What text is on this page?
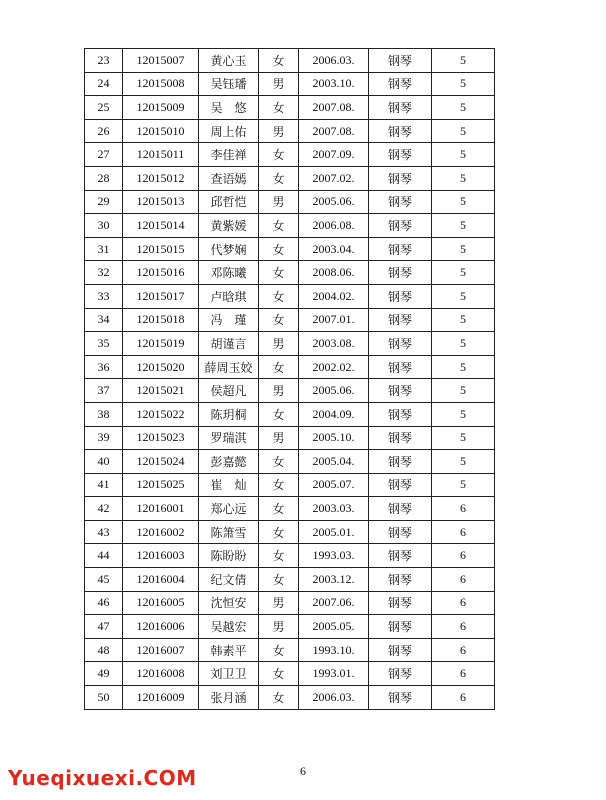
23	12015007	黄心玉	女	2006.03.	钢琴	5
24	12015008	吴钰璠	男	2003.10.	钢琴	5
25	12015009	吴　悠	女	2007.08.	钢琴	5
26	12015010	周上佑	男	2007.08.	钢琴	5
27	12015011	李佳禅	女	2007.09.	钢琴	5
28	12015012	查语嫣	女	2007.02.	钢琴	5
29	12015013	邱哲恺	男	2005.06.	钢琴	5
30	12015014	黄紫媛	女	2006.08.	钢琴	5
31	12015015	代梦娴	女	2003.04.	钢琴	5
32	12015016	邓陈曦	女	2008.06.	钢琴	5
33	12015017	卢晗琪	女	2004.02.	钢琴	5
34	12015018	冯　瑾	女	2007.01.	钢琴	5
35	12015019	胡谨言	男	2003.08.	钢琴	5
36	12015020	薛周玉姣	女	2002.02.	钢琴	5
37	12015021	侯超凡	男	2005.06.	钢琴	5
38	12015022	陈玥桐	女	2004.09.	钢琴	5
39	12015023	罗瑞淇	男	2005.10.	钢琴	5
40	12015024	彭嘉懿	女	2005.04.	钢琴	5
41	12015025	崔　灿	女	2005.07.	钢琴	5
42	12016001	郑心远	女	2003.03.	钢琴	6
43	12016002	陈箫雪	女	2005.01.	钢琴	6
44	12016003	陈盼盼	女	1993.03.	钢琴	6
45	12016004	纪文倩	女	2003.12.	钢琴	6
46	12016005	沈恒安	男	2007.06.	钢琴	6
47	12016006	吴越宏	男	2005.05.	钢琴	6
48	12016007	韩素平	女	1993.10.	钢琴	6
49	12016008	刘卫卫	女	1993.01.	钢琴	6
50	12016009	张月涵	女	2006.03.	钢琴	6
6
Yueqixuexi.COM
